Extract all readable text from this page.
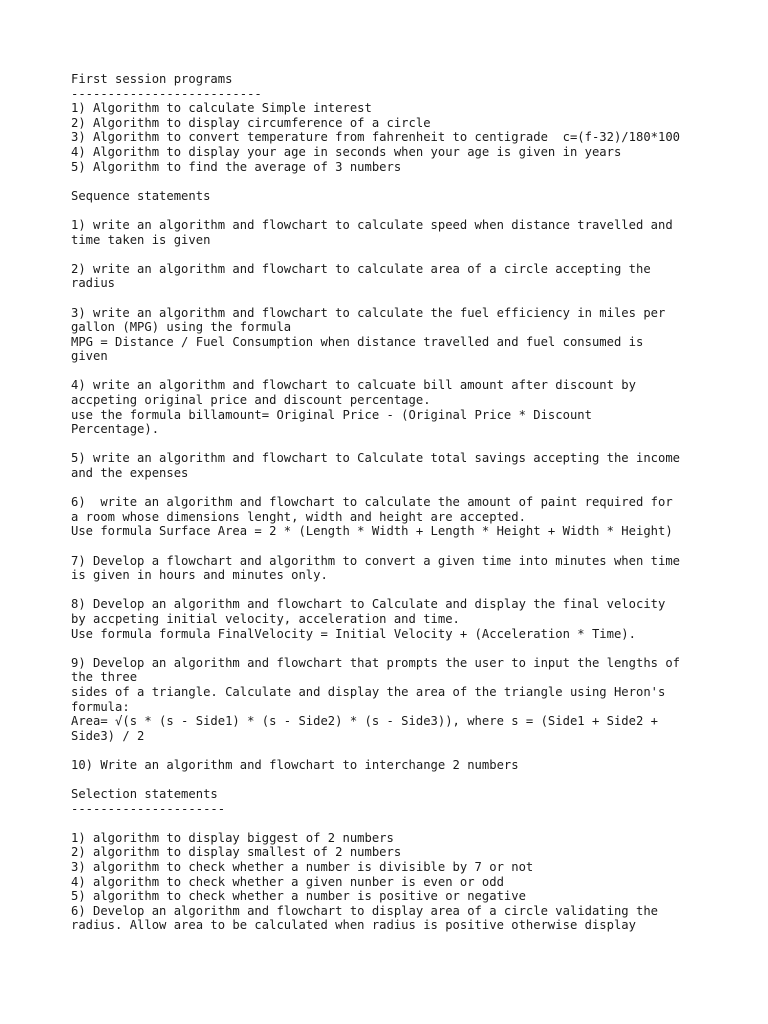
First session programs
--------------------------
1) Algorithm to calculate Simple interest
2) Algorithm to display circumference of a circle
3) Algorithm to convert temperature from fahrenheit to centigrade  c=(f-32)/180*100
4) Algorithm to display your age in seconds when your age is given in years
5) Algorithm to find the average of 3 numbers
Sequence statements
1) write an algorithm and flowchart to calculate speed when distance travelled and
time taken is given
2) write an algorithm and flowchart to calculate area of a circle accepting the
radius
3) write an algorithm and flowchart to calculate the fuel efficiency in miles per
gallon (MPG) using the formula
MPG = Distance / Fuel Consumption when distance travelled and fuel consumed is
given
4) write an algorithm and flowchart to calcuate bill amount after discount by
accpeting original price and discount percentage.
use the formula billamount= Original Price - (Original Price * Discount
Percentage).
5) write an algorithm and flowchart to Calculate total savings accepting the income
and the expenses
6)  write an algorithm and flowchart to calculate the amount of paint required for
a room whose dimensions lenght, width and height are accepted.
Use formula Surface Area = 2 * (Length * Width + Length * Height + Width * Height)
7) Develop a flowchart and algorithm to convert a given time into minutes when time
is given in hours and minutes only.
8) Develop an algorithm and flowchart to Calculate and display the final velocity
by accpeting initial velocity, acceleration and time.
Use formula formula FinalVelocity = Initial Velocity + (Acceleration * Time).
9) Develop an algorithm and flowchart that prompts the user to input the lengths of
the three
sides of a triangle. Calculate and display the area of the triangle using Heron's
formula:
Area= √(s * (s - Side1) * (s - Side2) * (s - Side3)), where s = (Side1 + Side2 +
Side3) / 2
10) Write an algorithm and flowchart to interchange 2 numbers
Selection statements
---------------------
1) algorithm to display biggest of 2 numbers
2) algorithm to display smallest of 2 numbers
3) algorithm to check whether a number is divisible by 7 or not
4) algorithm to check whether a given nunber is even or odd
5) algorithm to check whether a number is positive or negative
6) Develop an algorithm and flowchart to display area of a circle validating the
radius. Allow area to be calculated when radius is positive otherwise display
